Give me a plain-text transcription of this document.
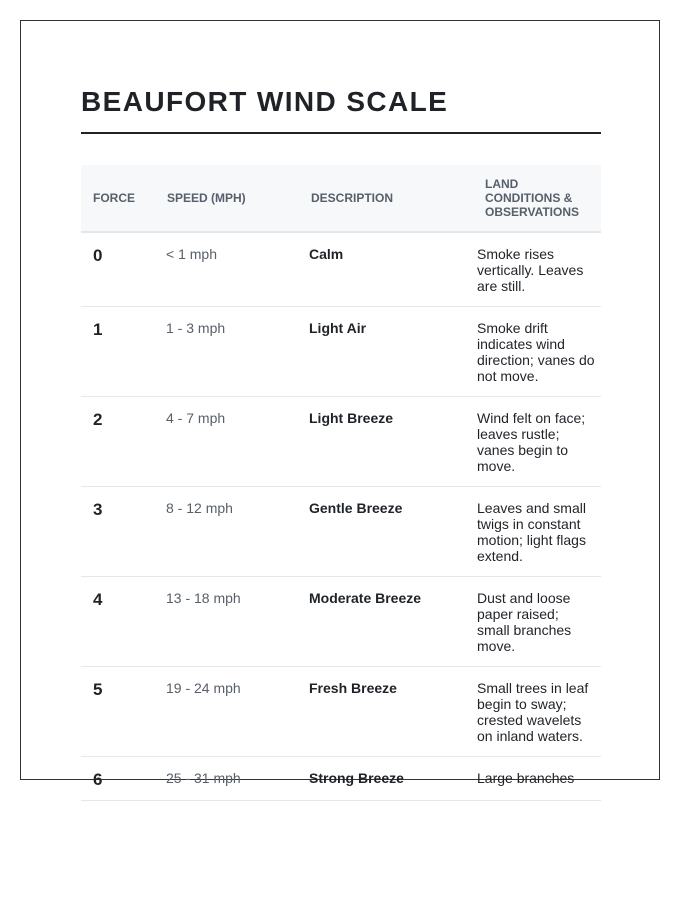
BEAUFORT WIND SCALE
FORCE	SPEED (MPH)	DESCRIPTION	LAND CONDITIONS & OBSERVATIONS
0	< 1 mph	Calm	Smoke rises vertically. Leaves are still.
1	1 - 3 mph	Light Air	Smoke drift indicates wind direction; vanes do not move.
2	4 - 7 mph	Light Breeze	Wind felt on face; leaves rustle; vanes begin to move.
3	8 - 12 mph	Gentle Breeze	Leaves and small twigs in constant motion; light flags extend.
4	13 - 18 mph	Moderate Breeze	Dust and loose paper raised; small branches move.
5	19 - 24 mph	Fresh Breeze	Small trees in leaf begin to sway; crested wavelets on inland waters.
6	25 - 31 mph	Strong Breeze	Large branches
